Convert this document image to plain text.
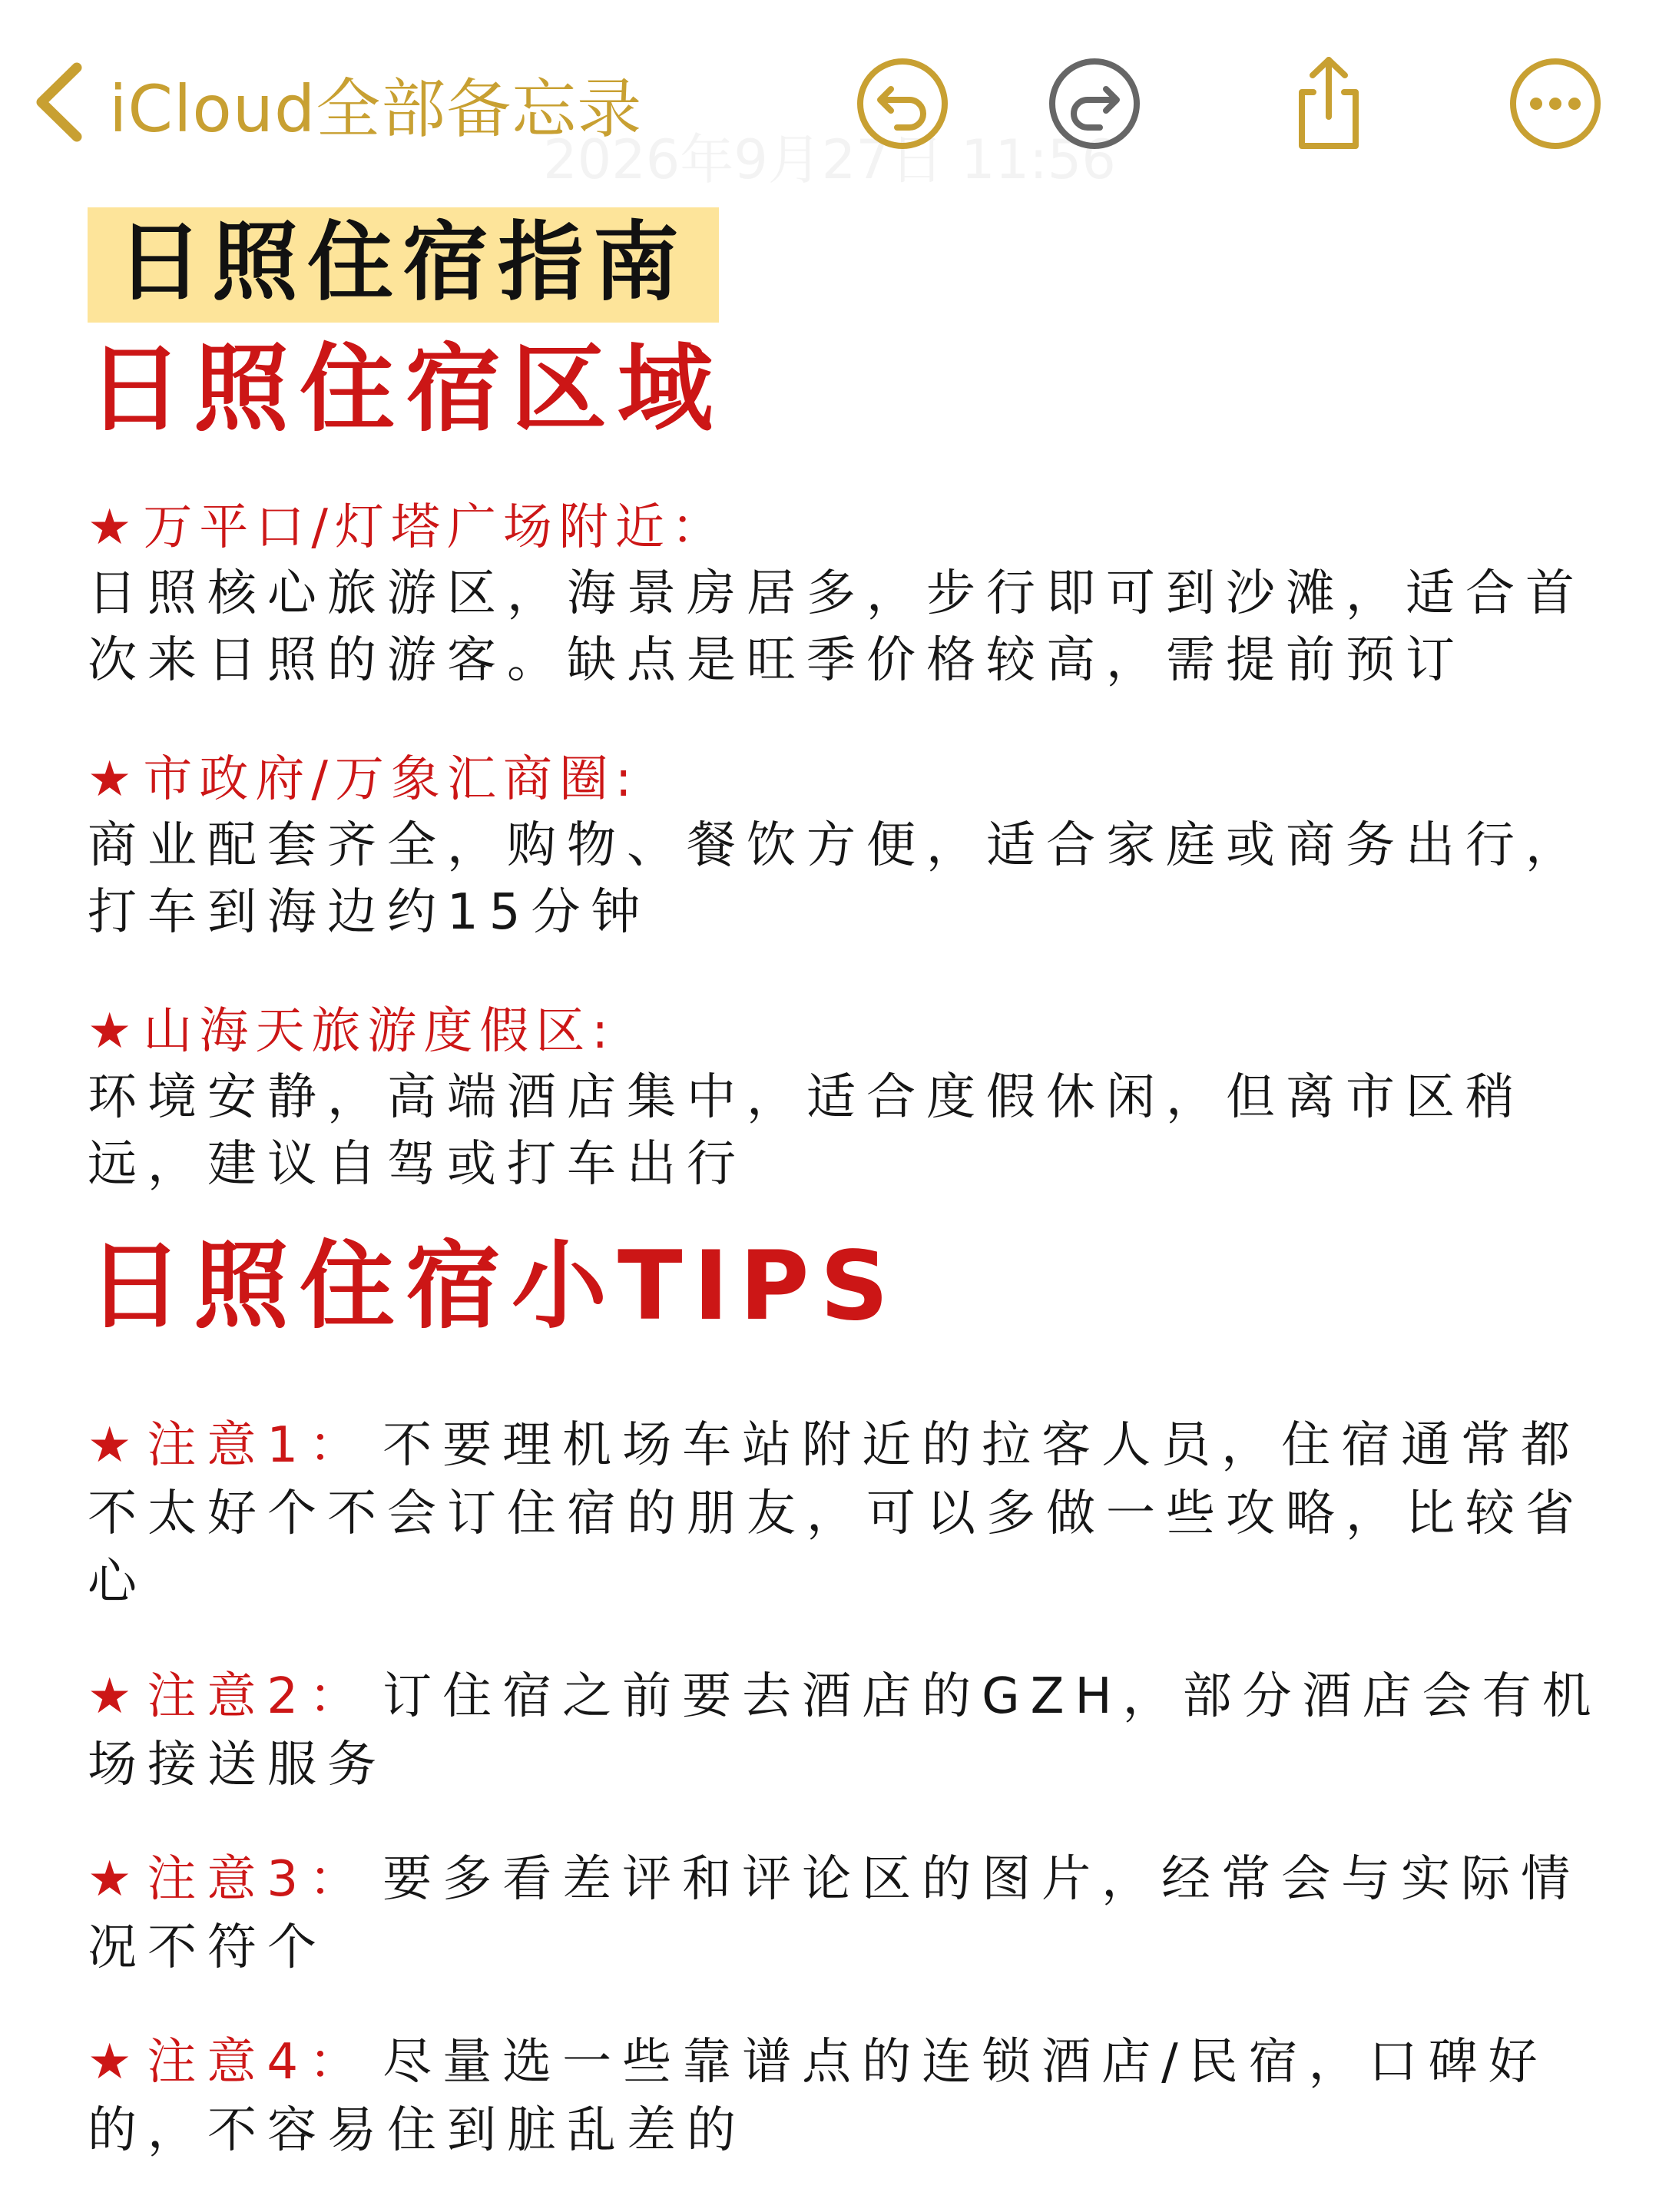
2026年9月27日 11:56
iCloud全部备忘录
日照住宿指南
日照住宿区域
★万平口/灯塔广场附近：
日照核心旅游区，海景房居多，步行即可到沙滩，适合首次来日照的游客。缺点是旺季价格较高，需提前预订
★市政府/万象汇商圈:
商业配套齐全，购物、餐饮方便，适合家庭或商务出行，打车到海边约15分钟
★山海天旅游度假区:
环境安静，高端酒店集中，适合度假休闲，但离市区稍远，建议自驾或打车出行
日照住宿小TIPS
★注意1： 不要理机场车站附近的拉客人员，住宿通常都不太好个不会订住宿的朋友，可以多做一些攻略，比较省心
★注意2： 订住宿之前要去酒店的GZH，部分酒店会有机场接送服务
★注意3： 要多看差评和评论区的图片，经常会与实际情况不符个
★注意4： 尽量选一些靠谱点的连锁酒店/民宿，口碑好的，不容易住到脏乱差的
